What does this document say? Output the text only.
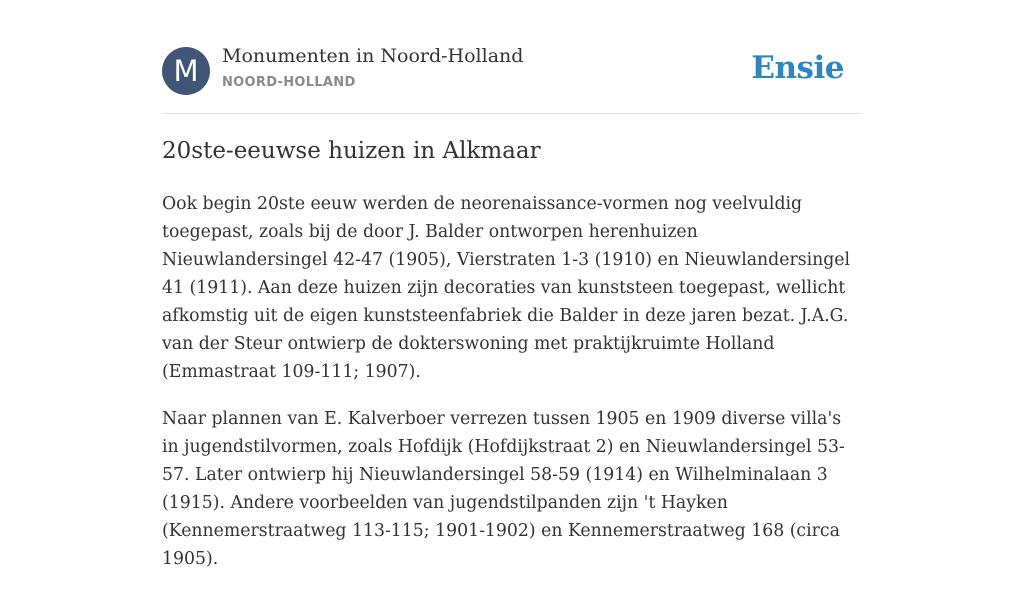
M	Monumenten in Noord-Holland
NOORD-HOLLAND	Ensie
20ste-eeuwse huizen in Alkmaar

Ook begin 20ste eeuw werden de neorenaissance-vormen nog veelvuldig toegepast, zoals bij de door J. Balder ontworpen herenhuizen Nieuwlandersingel 42-47 (1905), Vierstraten 1-3 (1910) en Nieuwlandersingel 41 (1911). Aan deze huizen zijn decoraties van kunststeen toegepast, wellicht afkomstig uit de eigen kunststeenfabriek die Balder in deze jaren bezat. J.A.G. van der Steur ontwierp de dokterswoning met praktijkruimte Holland (Emmastraat 109-111; 1907).

Naar plannen van E. Kalverboer verrezen tussen 1905 en 1909 diverse villa's in jugendstilvormen, zoals Hofdijk (Hofdijkstraat 2) en Nieuwlandersingel 53-57. Later ontwierp hij Nieuwlandersingel 58-59 (1914) en Wilhelminalaan 3 (1915). Andere voorbeelden van jugendstilpanden zijn 't Hayken (Kennemerstraatweg 113-115; 1901-1902) en Kennemerstraatweg 168 (circa 1905).
